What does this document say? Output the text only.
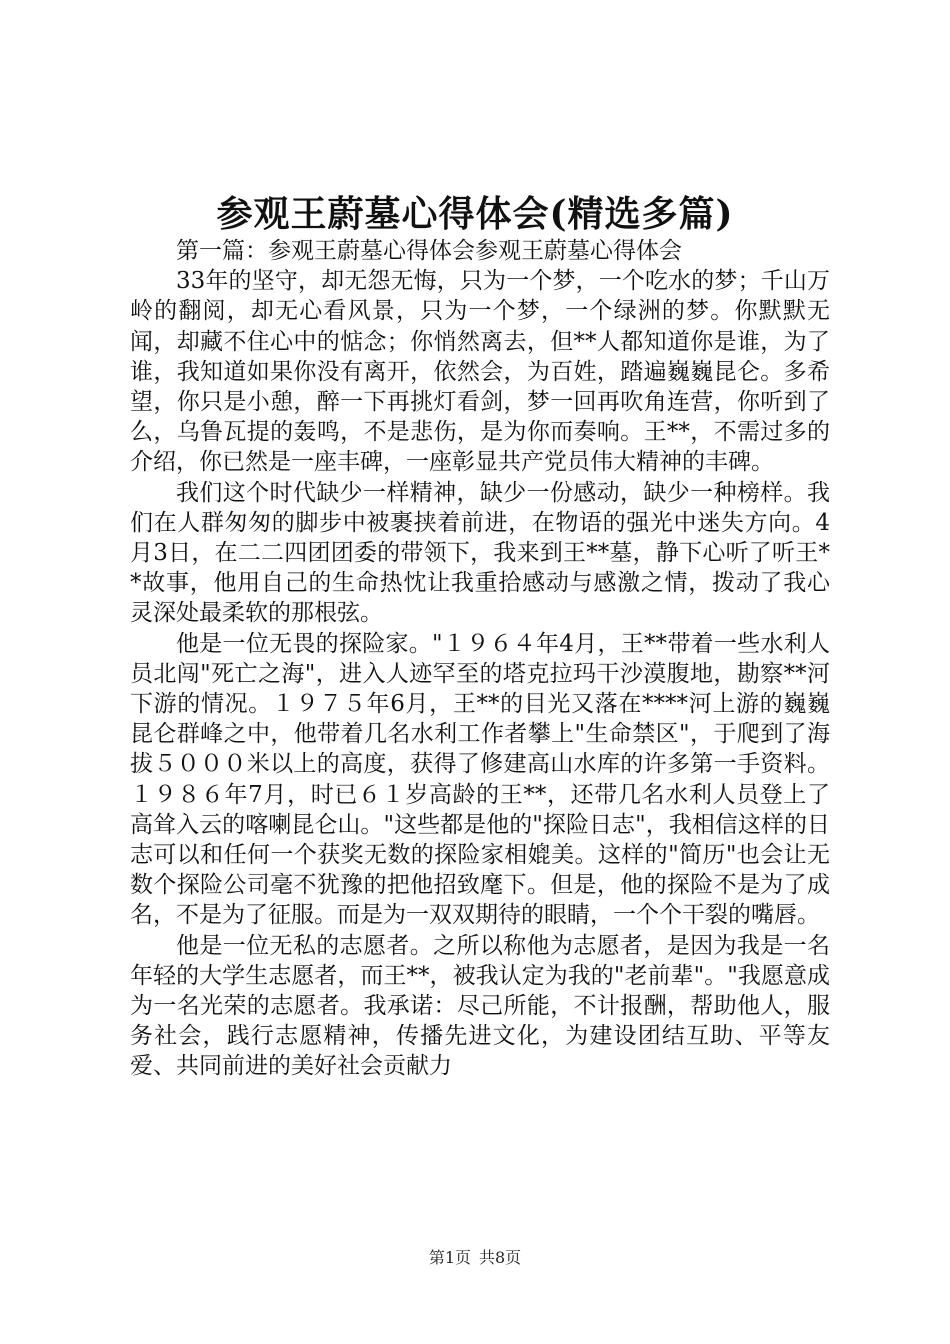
参观王蔚墓心得体会(精选多篇)

第一篇：参观王蔚墓心得体会参观王蔚墓心得体会

33年的坚守，却无怨无悔，只为一个梦，一个吃水的梦；千山万岭的翻阅，却无心看风景，只为一个梦，一个绿洲的梦。你默默无闻，却藏不住心中的惦念；你悄然离去，但**人都知道你是谁，为了谁，我知道如果你没有离开，依然会，为百姓，踏遍巍巍昆仑。多希望，你只是小憩，醉一下再挑灯看剑，梦一回再吹角连营，你听到了么，乌鲁瓦提的轰鸣，不是悲伤，是为你而奏响。王**，不需过多的介绍，你已然是一座丰碑，一座彰显共产党员伟大精神的丰碑。

我们这个时代缺少一样精神，缺少一份感动，缺少一种榜样。我们在人群匆匆的脚步中被裹挟着前进，在物语的强光中迷失方向。4月3日，在二二四团团委的带领下，我来到王**墓，静下心听了听王**故事，他用自己的生命热忱让我重拾感动与感激之情，拨动了我心灵深处最柔软的那根弦。

他是一位无畏的探险家。"１９６４年4月，王**带着一些水利人员北闯"死亡之海"，进入人迹罕至的塔克拉玛干沙漠腹地，勘察**河下游的情况。１９７５年6月，王**的目光又落在****河上游的巍巍昆仑群峰之中，他带着几名水利工作者攀上"生命禁区"，于爬到了海拔５０００米以上的高度，获得了修建高山水库的许多第一手资料。１９８６年7月，时已６１岁高龄的王**，还带几名水利人员登上了高耸入云的喀喇昆仑山。"这些都是他的"探险日志"，我相信这样的日志可以和任何一个获奖无数的探险家相媲美。这样的"简历"也会让无数个探险公司毫不犹豫的把他招致麾下。但是，他的探险不是为了成名，不是为了征服。而是为一双双期待的眼睛，一个个干裂的嘴唇。

他是一位无私的志愿者。之所以称他为志愿者，是因为我是一名年轻的大学生志愿者，而王**，被我认定为我的"老前辈"。"我愿意成为一名光荣的志愿者。我承诺：尽己所能，不计报酬，帮助他人，服务社会，践行志愿精神，传播先进文化，为建设团结互助、平等友爱、共同前进的美好社会贡献力

第1页 共8页
